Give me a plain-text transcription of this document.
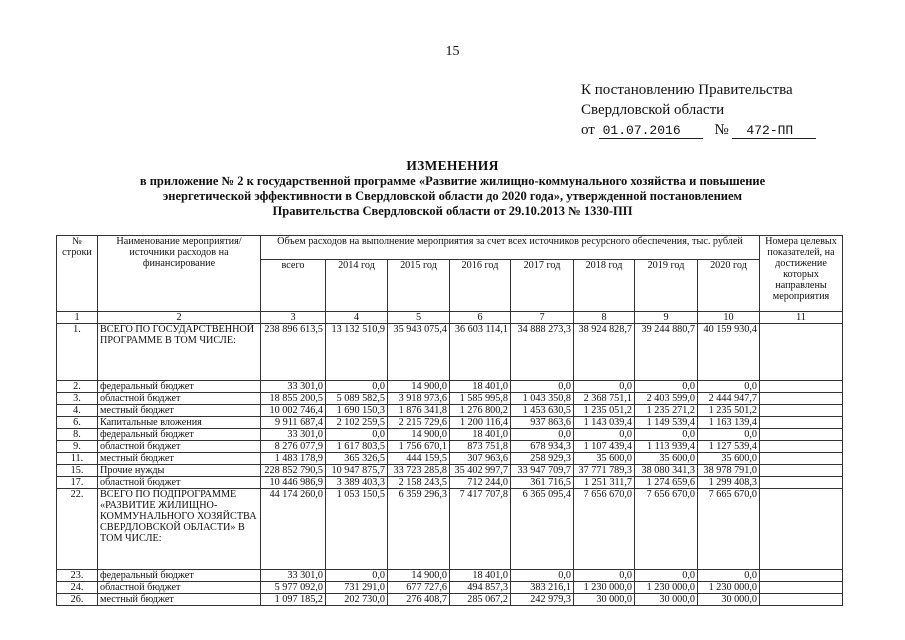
15
К постановлению Правительства
Свердловской области
от 01.07.2016 № 472-ПП
ИЗМЕНЕНИЯ
в приложение № 2 к государственной программе «Развитие жилищно-коммунального хозяйства и повышение
энергетической эффективности в Свердловской области до 2020 года», утвержденной постановлением
Правительства Свердловской области от 29.10.2013 № 1330-ПП
№ строки	Наименование мероприятия/источники расходов на финансирование	Объем расходов на выполнение мероприятия за счет всех источников ресурсного обеспечения, тыс. рублей								Номера целевых показателей, на достижение которых направлены мероприятия
		всего	2014 год	2015 год	2016 год	2017 год	2018 год	2019 год	2020 год	
1	2	3	4	5	6	7	8	9	10	11
1.	ВСЕГО ПО ГОСУДАРСТВЕННОЙ ПРОГРАММЕ В ТОМ ЧИСЛЕ:	238 896 613,5	13 132 510,9	35 943 075,4	36 603 114,1	34 888 273,3	38 924 828,7	39 244 880,7	40 159 930,4	
2.	федеральный бюджет	33 301,0	0,0	14 900,0	18 401,0	0,0	0,0	0,0	0,0	
3.	областной бюджет	18 855 200,5	5 089 582,5	3 918 973,6	1 585 995,8	1 043 350,8	2 368 751,1	2 403 599,0	2 444 947,7	
4.	местный бюджет	10 002 746,4	1 690 150,3	1 876 341,8	1 276 800,2	1 453 630,5	1 235 051,2	1 235 271,2	1 235 501,2	
6.	Капитальные вложения	9 911 687,4	2 102 259,5	2 215 729,6	1 200 116,4	937 863,6	1 143 039,4	1 149 539,4	1 163 139,4	
8.	федеральный бюджет	33 301,0	0,0	14 900,0	18 401,0	0,0	0,0	0,0	0,0	
9.	областной бюджет	8 276 077,9	1 617 803,5	1 756 670,1	873 751,8	678 934,3	1 107 439,4	1 113 939,4	1 127 539,4	
11.	местный бюджет	1 483 178,9	365 326,5	444 159,5	307 963,6	258 929,3	35 600,0	35 600,0	35 600,0	
15.	Прочие нужды	228 852 790,5	10 947 875,7	33 723 285,8	35 402 997,7	33 947 709,7	37 771 789,3	38 080 341,3	38 978 791,0	
17.	областной бюджет	10 446 986,9	3 389 403,3	2 158 243,5	712 244,0	361 716,5	1 251 311,7	1 274 659,6	1 299 408,3	
22.	ВСЕГО ПО ПОДПРОГРАММЕ «РАЗВИТИЕ ЖИЛИЩНО-КОММУНАЛЬНОГО ХОЗЯЙСТВА СВЕРДЛОВСКОЙ ОБЛАСТИ» В ТОМ ЧИСЛЕ:	44 174 260,0	1 053 150,5	6 359 296,3	7 417 707,8	6 365 095,4	7 656 670,0	7 656 670,0	7 665 670,0	
23.	федеральный бюджет	33 301,0	0,0	14 900,0	18 401,0	0,0	0,0	0,0	0,0	
24.	областной бюджет	5 977 092,0	731 291,0	677 727,6	494 857,3	383 216,1	1 230 000,0	1 230 000,0	1 230 000,0	
26.	местный бюджет	1 097 185,2	202 730,0	276 408,7	285 067,2	242 979,3	30 000,0	30 000,0	30 000,0	
